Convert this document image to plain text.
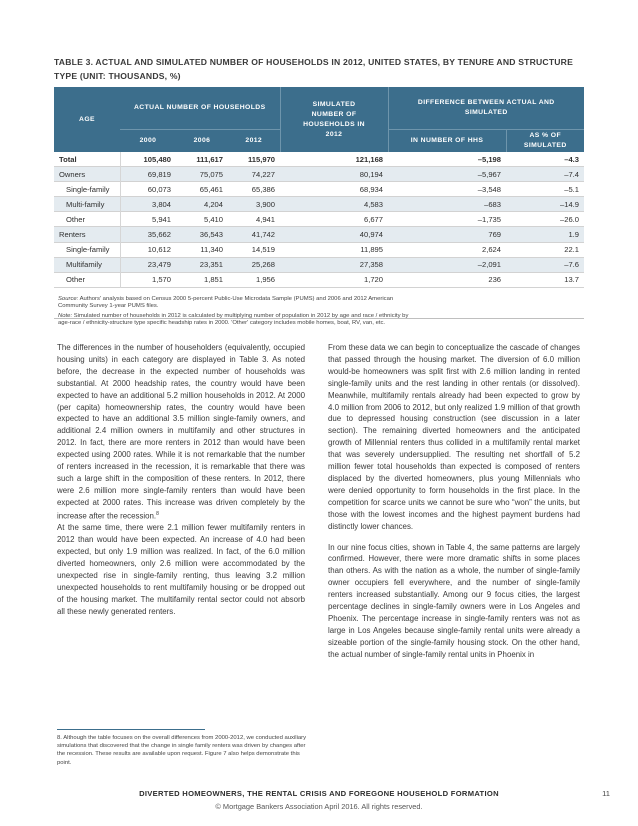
TABLE 3. ACTUAL AND SIMULATED NUMBER OF HOUSEHOLDS IN 2012, UNITED STATES, BY TENURE AND STRUCTURE TYPE (UNIT: THOUSANDS, %)
AGE	ACTUAL NUMBER OF HOUSEHOLDS			SIMULATED NUMBER OF HOUSEHOLDS IN 2012	DIFFERENCE BETWEEN ACTUAL AND SIMULATED	
	2000	2006	2012		IN NUMBER OF HHS	AS % OF SIMULATED
Total	105,480	111,617	115,970	121,168	–5,198	–4.3
Owners	69,819	75,075	74,227	80,194	–5,967	–7.4
Single-family	60,073	65,461	65,386	68,934	–3,548	–5.1
Multi-family	3,804	4,204	3,900	4,583	–683	–14.9
Other	5,941	5,410	4,941	6,677	–1,735	–26.0
Renters	35,662	36,543	41,742	40,974	769	1.9
Single-family	10,612	11,340	14,519	11,895	2,624	22.1
Multifamily	23,479	23,351	25,268	27,358	–2,091	–7.6
Other	1,570	1,851	1,956	1,720	236	13.7

Source: Authors' analysis based on Census 2000 5-percent Public-Use Microdata Sample (PUMS) and 2006 and 2012 American Community Survey 1-year PUMS files.

Note: Simulated number of households in 2012 is calculated by multiplying number of population in 2012 by age and race / ethnicity by age-race / ethnicity-structure type specific headship rates in 2000. 'Other' category includes mobile homes, boat, RV, van, etc.

The differences in the number of householders (equivalently, occupied housing units) in each category are displayed in Table 3. As noted before, the decrease in the expected number of households was substantial. At 2000 headship rates, the country would have been expected to have an additional 5.2 million households in 2012. At 2000 (per capita) homeownership rates, the country would have been expected to have an additional 3.5 million single-family owners, and additional 2.4 million owners in multifamily and other structures in 2012. In fact, there are more renters in 2012 than would have been expected using 2000 rates. While it is not remarkable that the number of renters increased in the recession, it is remarkable that there was such a large shift in the composition of these renters. In 2012, there were 2.6 million more single-family renters than would have been expected at 2000 rates. This increase was driven completely by the increase after the recession.$^8$

At the same time, there were 2.1 million fewer multifamily renters in 2012 than would have been expected. An increase of 4.0 had been expected, but only 1.9 million was realized. In fact, of the 6.0 million diverted homeowners, only 2.6 million were accommodated by the unexpected rise in single-family renting, thus leaving 3.2 million unexpected households to rent multifamily housing or be dropped out of the housing market. The multifamily rental sector could not absorb all these newly generated renters.

From these data we can begin to conceptualize the cascade of changes that passed through the housing market. The diversion of 6.0 million would-be homeowners was split first with 2.6 million landing in rented single-family units and the rest landing in other rentals (or dissolved). Meanwhile, multifamily rentals already had been expected to grow by 4.0 million from 2006 to 2012, but only realized 1.9 million of that growth due to depressed housing construction (see discussion in a later section). The remaining diverted homeowners and the anticipated growth of Millennial renters thus collided in a multifamily rental market that was severely undersupplied. The resulting net shortfall of 5.2 million fewer total households than expected is composed of renters displaced by the diverted homeowners, plus young Millennials who were denied opportunity to form households in the first place. In the competition for scarce units we cannot be sure who “won” the units, but those with the lowest incomes and the highest payment burdens had distinctly lower chances.

In our nine focus cities, shown in Table 4, the same patterns are largely confirmed. However, there were more dramatic shifts in some places than others. As with the nation as a whole, the number of single-family owner occupiers fell everywhere, and the number of single-family renters increased substantially. Among our 9 focus cities, the largest percentage declines in single-family owners were in Los Angeles and Phoenix. The percentage increase in single-family renters was not as large in Los Angeles because single-family rental units were already a sizeable portion of the single-family housing stock. On the other hand, the actual number of single-family rental units in Phoenix in

8. Although the table focuses on the overall differences from 2000-2012, we conducted auxiliary simulations that discovered that the change in single family renters was driven by changes after the recession. These results are available upon request. Figure 7 also helps demonstrate this point.
DIVERTED HOMEOWNERS, THE RENTAL CRISIS AND FOREGONE HOUSEHOLD FORMATION	11
© Mortgage Bankers Association April 2016. All rights reserved.
